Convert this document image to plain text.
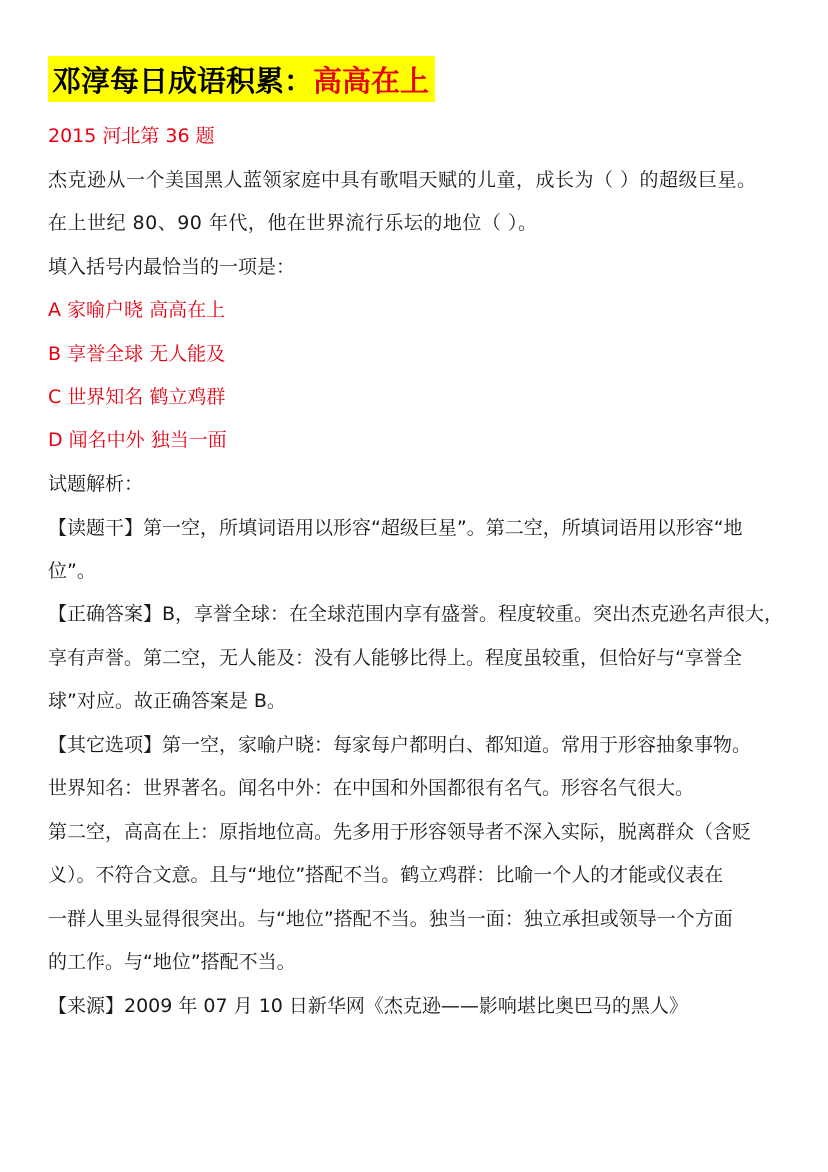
邓淳每日成语积累： 高高在上
2015 河北第 36 题
杰克逊从一个美国黑人蓝领家庭中具有歌唱天赋的儿童，成长为（ ）的超级巨星。
在上世纪 80、90 年代，他在世界流行乐坛的地位（ ）。
填入括号内最恰当的一项是：
A 家喻户晓 高高在上
B 享誉全球 无人能及
C 世界知名 鹤立鸡群
D 闻名中外 独当一面
试题解析：
【读题干】第一空，所填词语用以形容“超级巨星”。第二空，所填词语用以形容“地
位”。
【正确答案】B，享誉全球：在全球范围内享有盛誉。程度较重。突出杰克逊名声很大，
享有声誉。第二空，无人能及：没有人能够比得上。程度虽较重，但恰好与“享誉全
球”对应。故正确答案是 B。
【其它选项】第一空，家喻户晓：每家每户都明白、都知道。常用于形容抽象事物。
世界知名：世界著名。闻名中外：在中国和外国都很有名气。形容名气很大。
第二空，高高在上：原指地位高。先多用于形容领导者不深入实际，脱离群众（含贬
义）。不符合文意。且与“地位”搭配不当。鹤立鸡群：比喻一个人的才能或仪表在
一群人里头显得很突出。与“地位”搭配不当。独当一面：独立承担或领导一个方面
的工作。与“地位”搭配不当。
【来源】2009 年 07 月 10 日新华网《杰克逊——影响堪比奥巴马的黑人》
